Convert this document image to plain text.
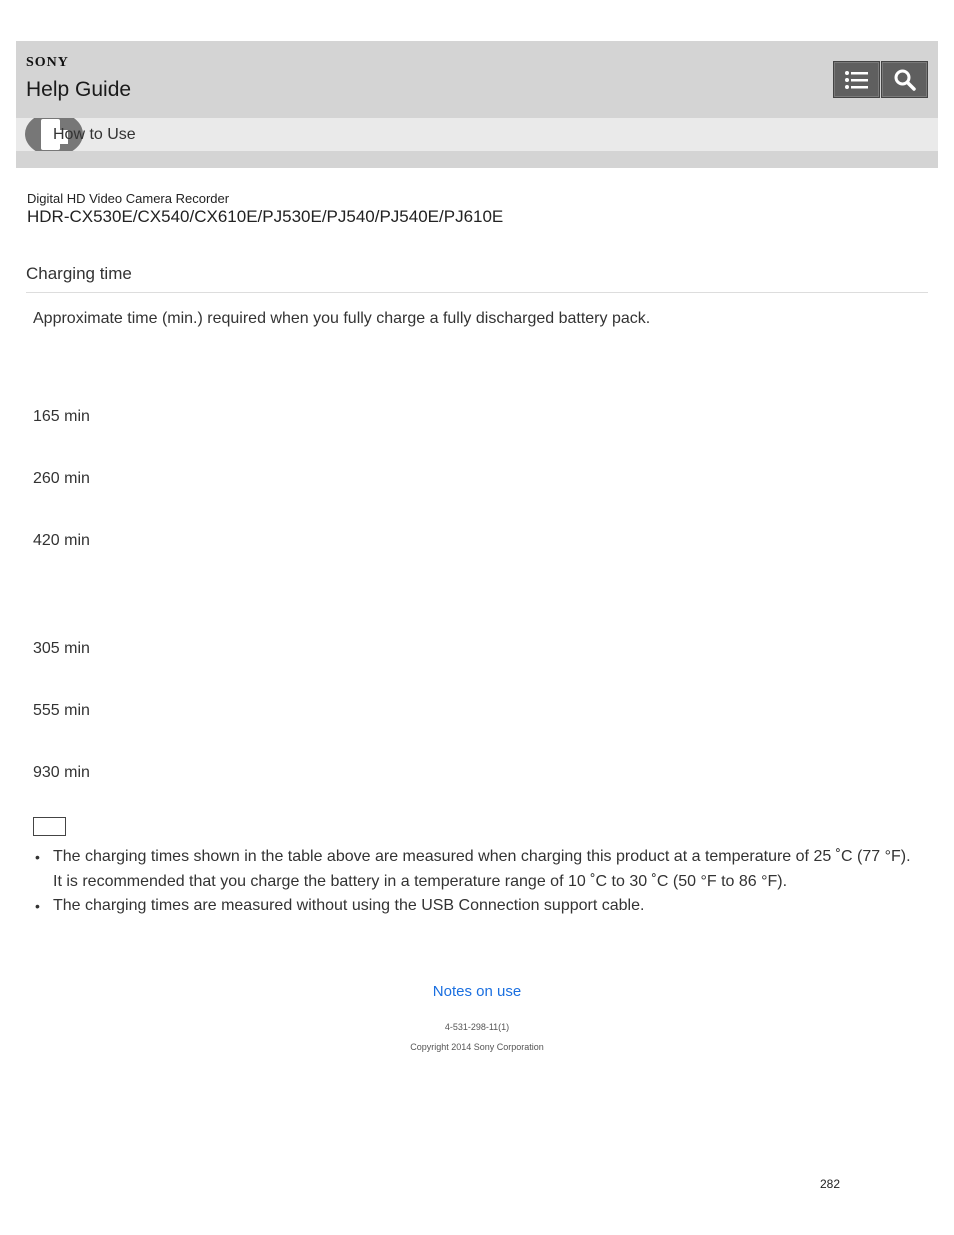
SONY
Help Guide
How to Use
Digital HD Video Camera Recorder
HDR-CX530E/CX540/CX610E/PJ530E/PJ540/PJ540E/PJ610E
Charging time

Approximate time (min.) required when you fully charge a fully discharged battery pack.

165 min
260 min
420 min
305 min
555 min
930 min
• The charging times shown in the table above are measured when charging this product at a temperature of 25 ˚C (77 °F). It is recommended that you charge the battery in a temperature range of 10 ˚C to 30 ˚C (50 °F to 86 °F).
• The charging times are measured without using the USB Connection support cable.
Notes on use
4-531-298-11(1)
Copyright 2014 Sony Corporation
282
